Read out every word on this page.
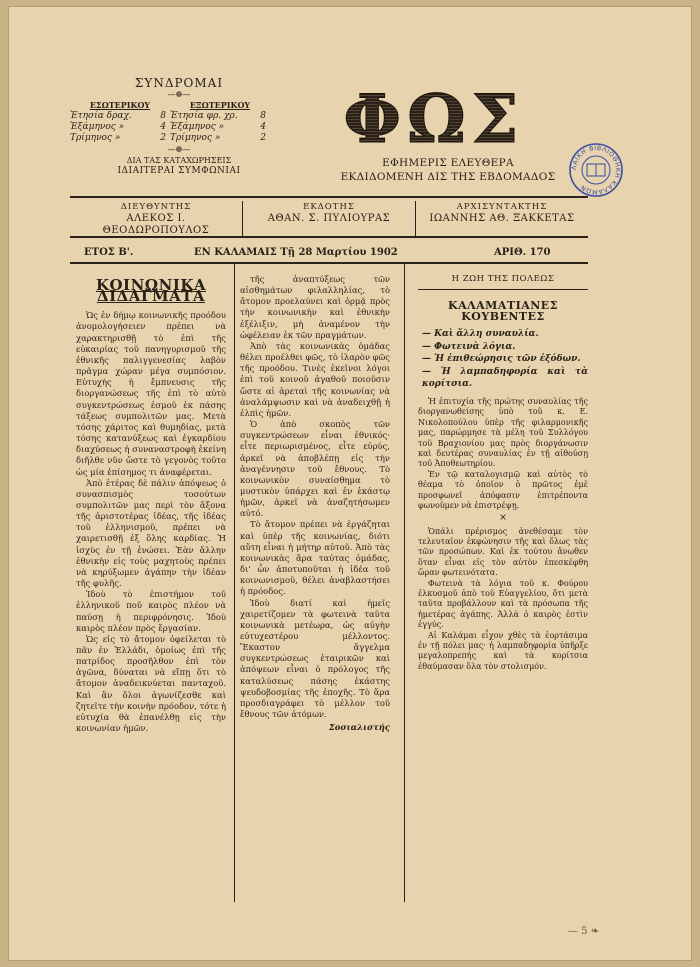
ΣΥΝΔΡΟΜΑΙ
—❁—
ΕΣΩΤΕΡΙΚΟΥ
Ἐτησία δραχ.	8
Ἑξάμηνος »	4
Τρίμηνος »	2
ΕΞΩΤΕΡΙΚΟΥ
Ἐτησία φρ. χρ.	8
Ἑξάμηνος »	4
Τρίμηνος »	2
—❁—
ΔΙΑ ΤΑΣ ΚΑΤΑΧΩΡΗΣΕΙΣ
ΙΔΙΑΙΤΕΡΑΙ ΣΥΜΦΩΝΙΑΙ
ΦΩΣ
ΕΦΗΜΕΡΙΣ ΕΛΕΥΘΕΡΑ
ΕΚΔΙΔΟΜΕΝΗ ΔΙΣ ΤΗΣ ΕΒΔΟΜΑΔΟΣ
ΛΑΪΚΗ ΒΙΒΛΙΟΘΗΚΗ ΚΑΛΑΜΩΝ
ΔΙΕΥΘΥΝΤΗΣ
ΑΛΕΚΟΣ Ι. ΘΕΟΔΩΡΟΠΟΥΛΟΣ
ΕΚΔΟΤΗΣ
ΑΘΑΝ. Σ. ΠΥΛΙΟΥΡΑΣ
ΑΡΧΙΣΥΝΤΑΚΤΗΣ
ΙΩΑΝΝΗΣ ΑΘ. ΞΑΚΚΕΤΑΣ
ΕΤΟΣ Β'.	ΕΝ ΚΑΛΑΜΑΙΣ Τῇ 28 Μαρτίου 1902	ΑΡΙΘ. 170

ΚΟΙΝΩΝΙΚΑ ΔΙΔΑΓΜΑΤΑ

Ὡς ἐν δήμῳ κοινωνικῆς προόδου ἀνομολογήσειεν πρέπει νὰ χαρακτηρισθῇ τὸ ἐπὶ τῆς εὐκαιρίας τοῦ πανηγυρισμοῦ τῆς ἐθνικῆς παλιγγενεσίας λαβὸν πρᾶγμα χώραν μέγα συμπόσιον. Εὐτυχὴς ἡ ἔμπνευσις τῆς διοργανώσεως τῆς ἐπὶ τὸ αὐτὸ συγκεντρώσεως ἐσμοῦ ἐκ πάσης τάξεως συμπολιτῶν μας. Μετὰ τόσης χάριτος καὶ θυμηδίας, μετὰ τόσης κατανύξεως καὶ ἐγκαρδίου διαχύσεως ἡ συναναστροφὴ ἐκείνη διῆλθε νῦν ὥστε τὸ γεγονὸς τοῦτο ὡς μία ἐπίσημος τι ἀναφέρεται.

Ἀπὸ ἑτέρας δὲ πάλιν ἀπόψεως ὁ συνασπισμὸς τοσούτων συμπολιτῶν μας περὶ τὸν ἄξονα τῆς ἀριστοτέρας ἰδέας, τῆς ἰδέας τοῦ ἑλληνισμοῦ, πρέπει νὰ χαιρετισθῇ ἐξ ὅλης καρδίας. Ἡ ἰσχὺς ἐν τῇ ἑνώσει. Ἐὰν ἄλλην ἐθνικὴν εἰς τοὺς μαχητοὺς πρέπει νὰ κηρύξωμεν ἀγάπην τὴν ἰδέαν τῆς φυλῆς.

Ἰδοὺ τὸ ἐπιστήμον τοῦ ἑλληνικοῦ ποῦ καιρὸς πλέον νὰ παύσῃ ἡ περιφρόνησις. Ἰδοὺ καιρὸς πλέον πρὸς ἔργασίαν.

Ὡς εἰς τὸ ἄτομον ὀφείλεται τὸ πᾶν ἐν Ἑλλάδι, ὁμοίως ἐπὶ τῆς πατρίδος προσῆλθον ἐπὶ τὸν ἀγῶνα, δύναται νὰ εἴπῃ ὅτι τὸ ἄτομον ἀναδεικνύεται πανταχοῦ. Καὶ ἂν ὅλοι ἀγωνίζεσθε καὶ ζητεῖτε τὴν κοινὴν πρόοδον, τότε ἡ εὐτυχία θὰ ἐπανέλθῃ εἰς τὴν κοινωνίαν ἡμῶν.

τῆς ἀναπτύξεως τῶν αἰσθημάτων φιλαλληλίας, τὸ ἄτομον προελαύνει καὶ ὁρμᾷ πρὸς τὴν κοινωνικὴν καὶ ἐθνικὴν ἐξέλιξιν, μὴ ἀναμένον τὴν ὠφέλειαν ἐκ τῶν πραγμάτων.

Ἀπὸ τὰς κοινωνικὰς ὁμάδας θέλει προέλθει φῶς, τὸ ἱλαρὸν φῶς τῆς προόδου. Τινὲς ἐκεῖνοι λόγοι ἐπὶ τοῦ κοινοῦ ἀγαθοῦ ποιοῦσιν ὥστε αἱ ἀρεταὶ τῆς κοινωνίας νὰ ἀναλάμψωσιν καὶ νὰ ἀναδειχθῇ ἡ ἐλπὶς ἡμῶν.

Ὁ ἀπὸ σκοπὸς τῶν συγκεντρώσεων εἶναι ἐθνικός· εἶτε περιωρισμένος, εἶτε εὐρύς, ἀρκεῖ νὰ ἀποβλέπῃ εἰς τὴν ἀναγέννησιν τοῦ ἔθνους. Τὸ κοινωνικὸν συναίσθημα τὸ μυστικὸν ὑπάρχει καὶ ἐν ἑκάστῳ ἡμῶν, ἀρκεῖ νὰ ἀναζητήσωμεν αὐτό.

Τὸ ἄτομον πρέπει νὰ ἐργάζηται καὶ ὑπὲρ τῆς κοινωνίας, διότι αὕτη εἶναι ἡ μήτηρ αὐτοῦ. Ἀπὸ τὰς κοινωνικὰς ἄρα ταύτας ὁμάδας, δι' ὧν ἀποτυποῦται ἡ ἰδέα τοῦ κοινωνισμοῦ, θέλει ἀναβλαστήσει ἡ πρόοδος.

Ἰδοὺ διατί καὶ ἡμεῖς χαιρετίζομεν τὰ φωτεινὰ ταῦτα κοινωνικὰ μετέωρα, ὡς αὐγὴν εὐτυχεστέρου μέλλοντος. Ἕκαστον ἄγγελμα συγκεντρώσεως ἑταιρικῶν καὶ ἀπόψεων εἶναι ὁ πρόλογος τῆς καταλύσεως πάσης ἑκάστης ψευδοβοσμίας τῆς ἐποχῆς. Τὸ ἄρα προσδιαγράφει τὸ μέλλον τοῦ ἔθνους τῶν ἀτόμων.

Σοσιαλιστής

Η ΖΩΗ ΤΗΣ ΠΟΛΕΩΣ
ΚΑΛΑΜΑΤΙΑΝΕΣ ΚΟΥΒΕΝΤΕΣ
— Καὶ ἄλλη συναυλία.
— Φωτεινὰ λόγια.
— Ἡ ἐπιθεώρησις τῶν ἐξόδων.
— Ἡ λαμπαδηφορία καὶ τὰ κορίτσια.

Ἡ ἐπιτυχία τῆς πρώτης συναυλίας τῆς διοργανωθείσης ὑπὸ τοῦ κ. Ε. Νικολοπούλου ὑπὲρ τῆς φιλαρμονικῆς μας, παρώρμησε τὰ μέλη τοῦ Συλλόγου τοῦ Βραχιονίου μας πρὸς διοργάνωσιν καὶ δευτέρας συναυλίας ἐν τῇ αἰθούσῃ τοῦ Ἀποθεωτηρίου.

Ἐν τῷ καταλογισμῷ καὶ αὐτὸς τὸ θέαμα τὸ ὁποῖον ὁ πρῶτος ἐμὲ προσφωνεῖ ἀπόφασιν ἐπιτρέποντα φωνοῦμεν νὰ ἐπιστρέψῃ.

×

Ὁπάλι πρέρισμος ἀνεθέσαμε τὸν τελευταῖον ἐκφώνησιν τῆς καὶ ὅλως τὰς τῶν προσώπων. Καὶ ἐκ τούτου ἄνωθεν ὅταν εἶναι εἰς τὸν αὐτὸν ἐπεσκέφθη ὥραν φωτεινότατα.

Φωτεινὰ τὰ λόγια τοῦ κ. Φούρου ἐλκυσμοῦ ἀπὸ τοῦ Εὐαγγελίου, ὅτι μετὰ ταῦτα προβάλλουν καὶ τὰ πρόσωπα τῆς ἡμετέρας ἀγάπης. Ἀλλὰ ὁ καιρὸς ἐστὶν ἐγγύς.

Αἱ Καλάμαι εἶχον χθὲς τὰ ἑορτάσιμα ἐν τῇ πόλει μας· ἡ λαμπαδηφορία ὑπῆρξε μεγαλοπρεπής καὶ τὰ κορίτσια ἐθαύμασαν ὅλα τὸν στολισμόν.

— 5 ❧
